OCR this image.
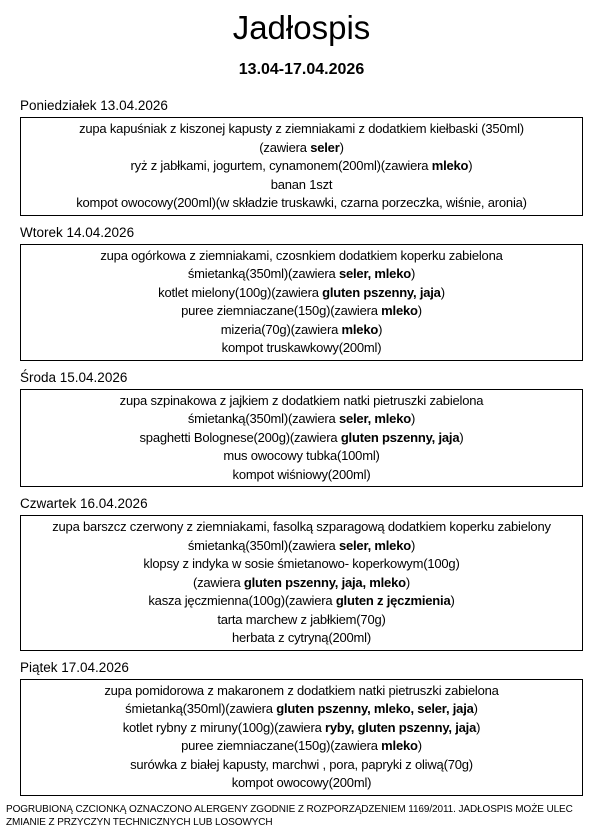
Jadłospis
13.04-17.04.2026
Poniedziałek 13.04.2026
zupa kapuśniak z kiszonej kapusty z ziemniakami z dodatkiem kiełbaski (350ml)
(zawiera seler)
ryż z jabłkami, jogurtem, cynamonem(200ml)(zawiera mleko)
banan 1szt
kompot owocowy(200ml)(w składzie truskawki, czarna porzeczka, wiśnie, aronia)
Wtorek 14.04.2026
zupa ogórkowa z ziemniakami, czosnkiem dodatkiem koperku zabielona
śmietanką(350ml)(zawiera seler, mleko)
kotlet mielony(100g)(zawiera gluten pszenny, jaja)
puree ziemniaczane(150g)(zawiera mleko)
mizeria(70g)(zawiera mleko)
kompot truskawkowy(200ml)
Środa 15.04.2026
zupa szpinakowa z jajkiem z dodatkiem natki pietruszki zabielona
śmietanką(350ml)(zawiera seler, mleko)
spaghetti Bolognese(200g)(zawiera gluten pszenny, jaja)
mus owocowy tubka(100ml)
kompot wiśniowy(200ml)
Czwartek 16.04.2026
zupa barszcz czerwony z ziemniakami, fasolką szparagową dodatkiem koperku zabielony
śmietanką(350ml)(zawiera seler, mleko)
klopsy z indyka w sosie śmietanowo- koperkowym(100g)
(zawiera gluten pszenny, jaja, mleko)
kasza jęczmienna(100g)(zawiera gluten z jęczmienia)
tarta marchew z jabłkiem(70g)
herbata z cytryną(200ml)
Piątek 17.04.2026
zupa pomidorowa z makaronem z dodatkiem natki pietruszki zabielona
śmietanką(350ml)(zawiera gluten pszenny, mleko, seler, jaja)
kotlet rybny z miruny(100g)(zawiera ryby, gluten pszenny, jaja)
puree ziemniaczane(150g)(zawiera mleko)
surówka z białej kapusty, marchwi , pora, papryki z oliwą(70g)
kompot owocowy(200ml)

POGRUBIONĄ CZCIONKĄ OZNACZONO ALERGENY ZGODNIE Z ROZPORZĄDZENIEM 1169/2011. JADŁOSPIS MOŻE ULEC ZMIANIE Z PRZYCZYN TECHNICZNYCH LUB LOSOWYCH
